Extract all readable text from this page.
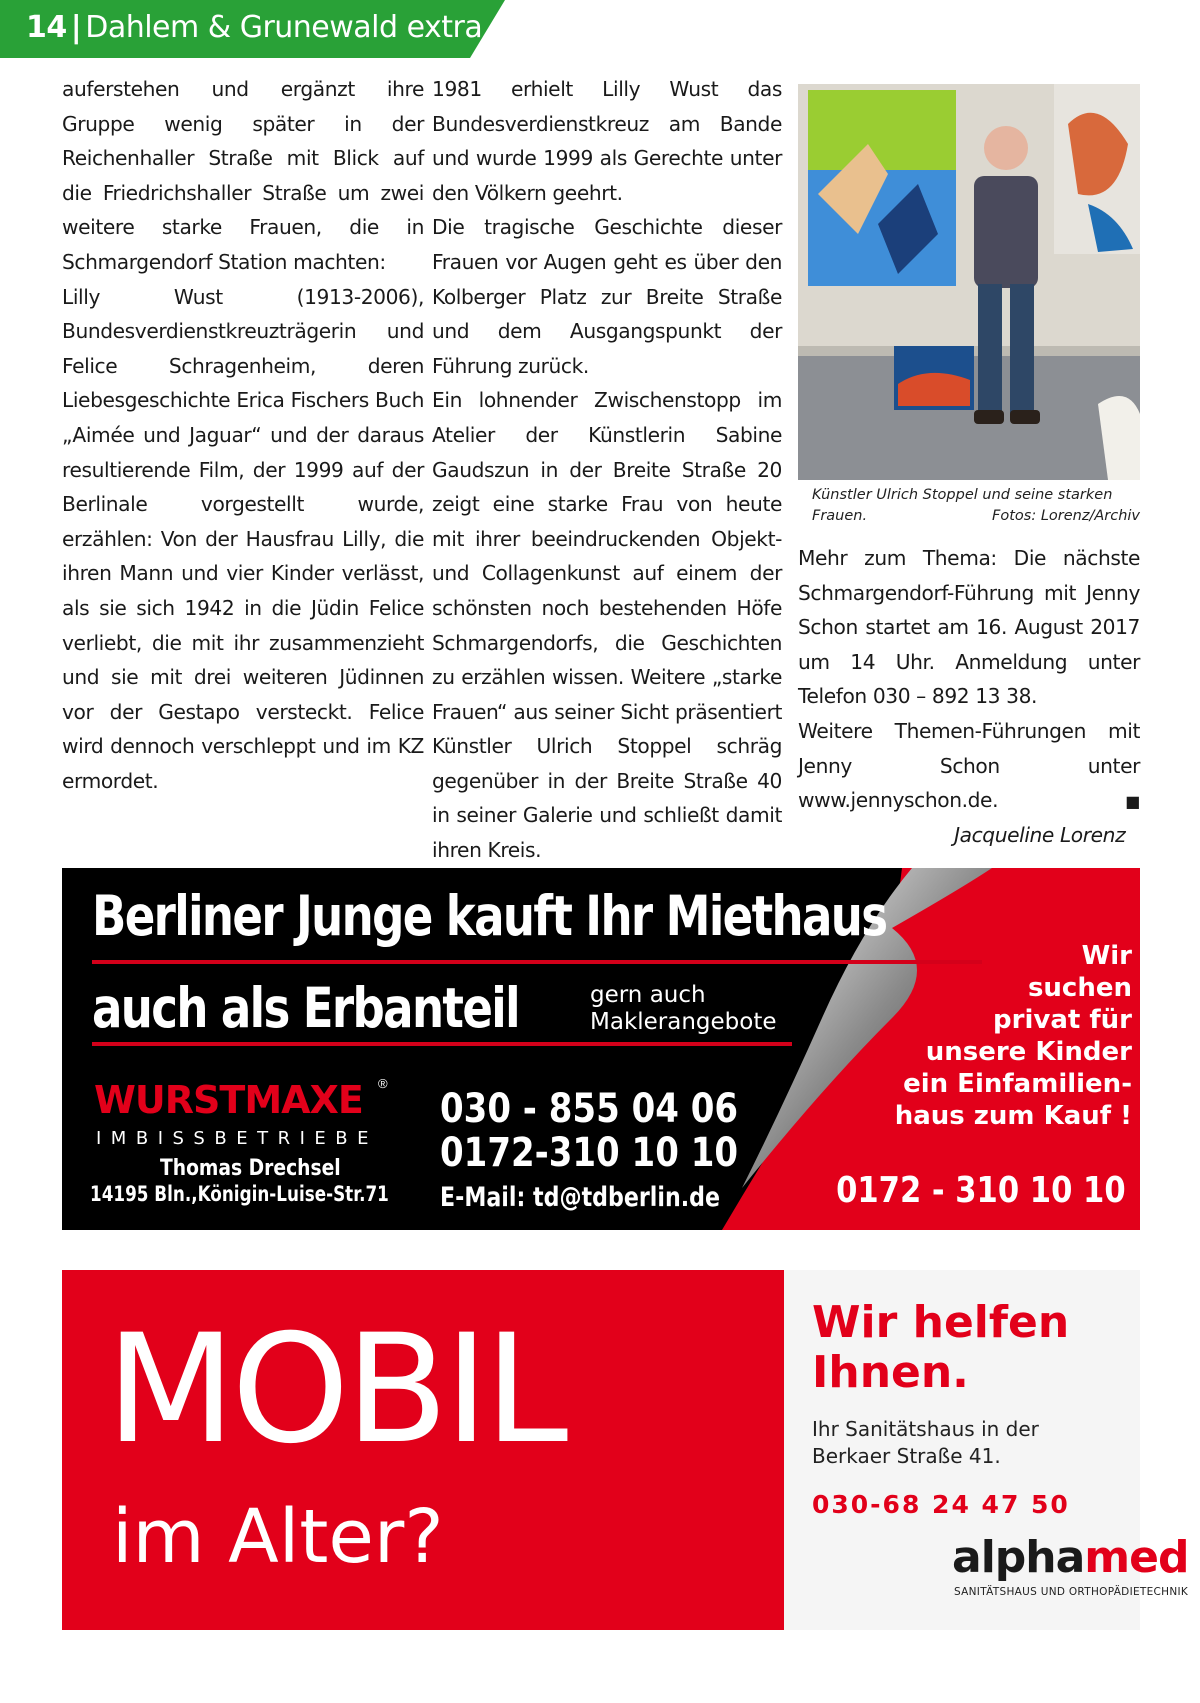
14 | Dahlem & Grunewald extra

auferstehen und ergänzt ihre Gruppe wenig später in der Reichenhaller Straße mit Blick auf die Friedrichshaller Straße um zwei weitere starke Frauen, die in Schmargendorf Station machten:

Lilly Wust (1913-2006), Bundesverdienstkreuzträgerin und Felice Schragenheim, deren Liebesgeschichte Erica Fischers Buch „Aimée und Jaguar“ und der daraus resultierende Film, der 1999 auf der Berlinale vorgestellt wurde, erzählen: Von der Hausfrau Lilly, die ihren Mann und vier Kinder verlässt, als sie sich 1942 in die Jüdin Felice verliebt, die mit ihr zusammenzieht und sie mit drei weiteren Jüdinnen vor der Gestapo versteckt. Felice wird dennoch verschleppt und im KZ ermordet.

1981 erhielt Lilly Wust das Bundesverdienstkreuz am Bande und wurde 1999 als Gerechte unter den Völkern geehrt.

Die tragische Geschichte dieser Frauen vor Augen geht es über den Kolberger Platz zur Breite Straße und dem Ausgangspunkt der Führung zurück.

Ein lohnender Zwischenstopp im Atelier der Künstlerin Sabine Gaudszun in der Breite Straße 20 zeigt eine starke Frau von heute mit ihrer beeindruckenden Objekt- und Collagenkunst auf einem der schönsten noch bestehenden Höfe Schmargendorfs, die Geschichten zu erzählen wissen. Weitere „starke Frauen“ aus seiner Sicht präsentiert Künstler Ulrich Stoppel schräg gegenüber in der Breite Straße 40 in seiner Galerie und schließt damit ihren Kreis.

Künstler Ulrich Stoppel und seine starken Frauen.	Fotos: Lorenz/Archiv

Mehr zum Thema: Die nächste Schmargendorf-Führung mit Jenny Schon startet am 16. August 2017 um 14 Uhr. Anmeldung unter Telefon 030 – 892 13 38.

Weitere Themen-Führungen mit Jenny Schon unter www.jennyschon.de.	■

Jacqueline Lorenz

Berliner Junge kauft Ihr Miethaus
auch als Erbanteil	gern auch
Maklerangebote
WURSTMAXE ®
IMBISSBETRIEBE
Thomas Drechsel
14195 Bln.,Königin-Luise-Str.71
030 - 855 04 06
0172-310 10 10
E-Mail: td@tdberlin.de
Wir
suchen
privat für
unsere Kinder
ein Einfamilien-
haus zum Kauf !
0172 - 310 10 10
MOBIL
im Alter?
Wir helfen
Ihnen.
Ihr Sanitätshaus in der
Berkaer Straße 41.
030-68 24 47 50
alphamed
SANITÄTSHAUS UND ORTHOPÄDIETECHNIK
